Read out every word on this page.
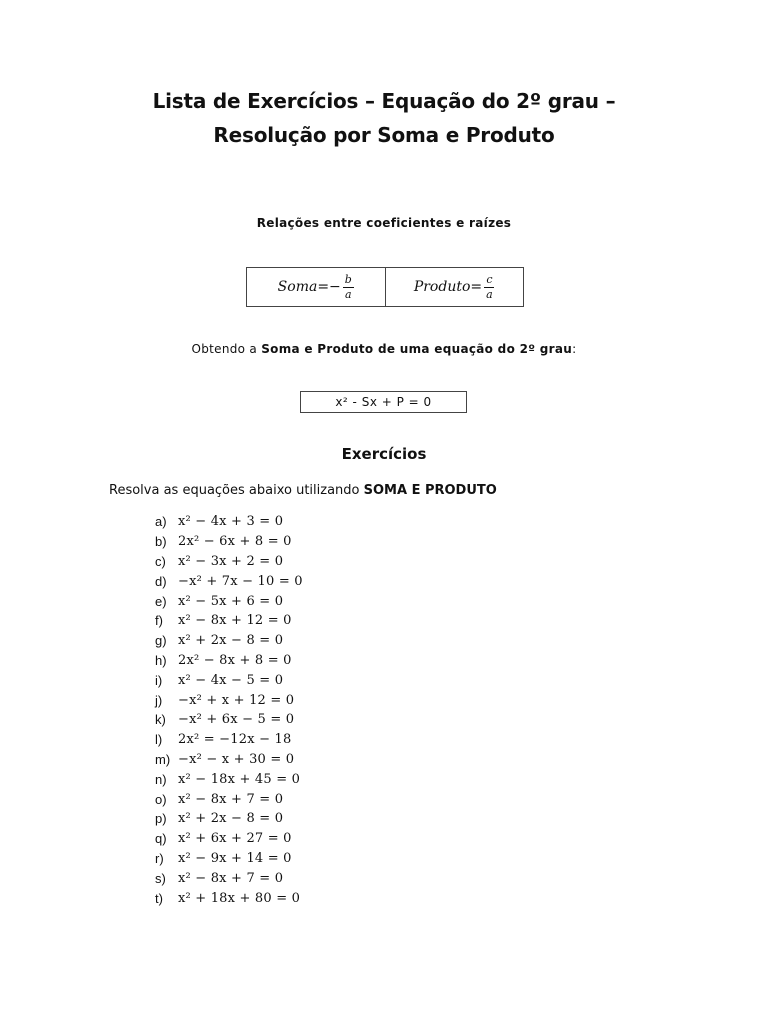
Lista de Exercícios – Equação do 2º grau –
Resolução por Soma e Produto
Relações entre coeficientes e raízes
Soma=− $\frac{b}{a}$	Produto= $\frac{c}{a}$
Obtendo a Soma e Produto de uma equação do 2º grau:
x² - Sx + P = 0
Exercícios
Resolva as equações abaixo utilizando SOMA E PRODUTO
a) x² − 4x + 3 = 0
b) 2x² − 6x + 8 = 0
c) x² − 3x + 2 = 0
d) −x² + 7x − 10 = 0
e) x² − 5x + 6 = 0
f)	x² − 8x + 12 = 0
g) x² + 2x − 8 = 0
h) 2x² − 8x + 8 = 0
i)	x² − 4x − 5 = 0
j)	−x² + x + 12 = 0
k) −x² + 6x − 5 = 0
l)	2x² = −12x − 18
m) −x² − x + 30 = 0
n) x² − 18x + 45 = 0
o) x² − 8x + 7 = 0
p) x² + 2x − 8 = 0
q) x² + 6x + 27 = 0
r)	x² − 9x + 14 = 0
s) x² − 8x + 7 = 0
t)	x² + 18x + 80 = 0
